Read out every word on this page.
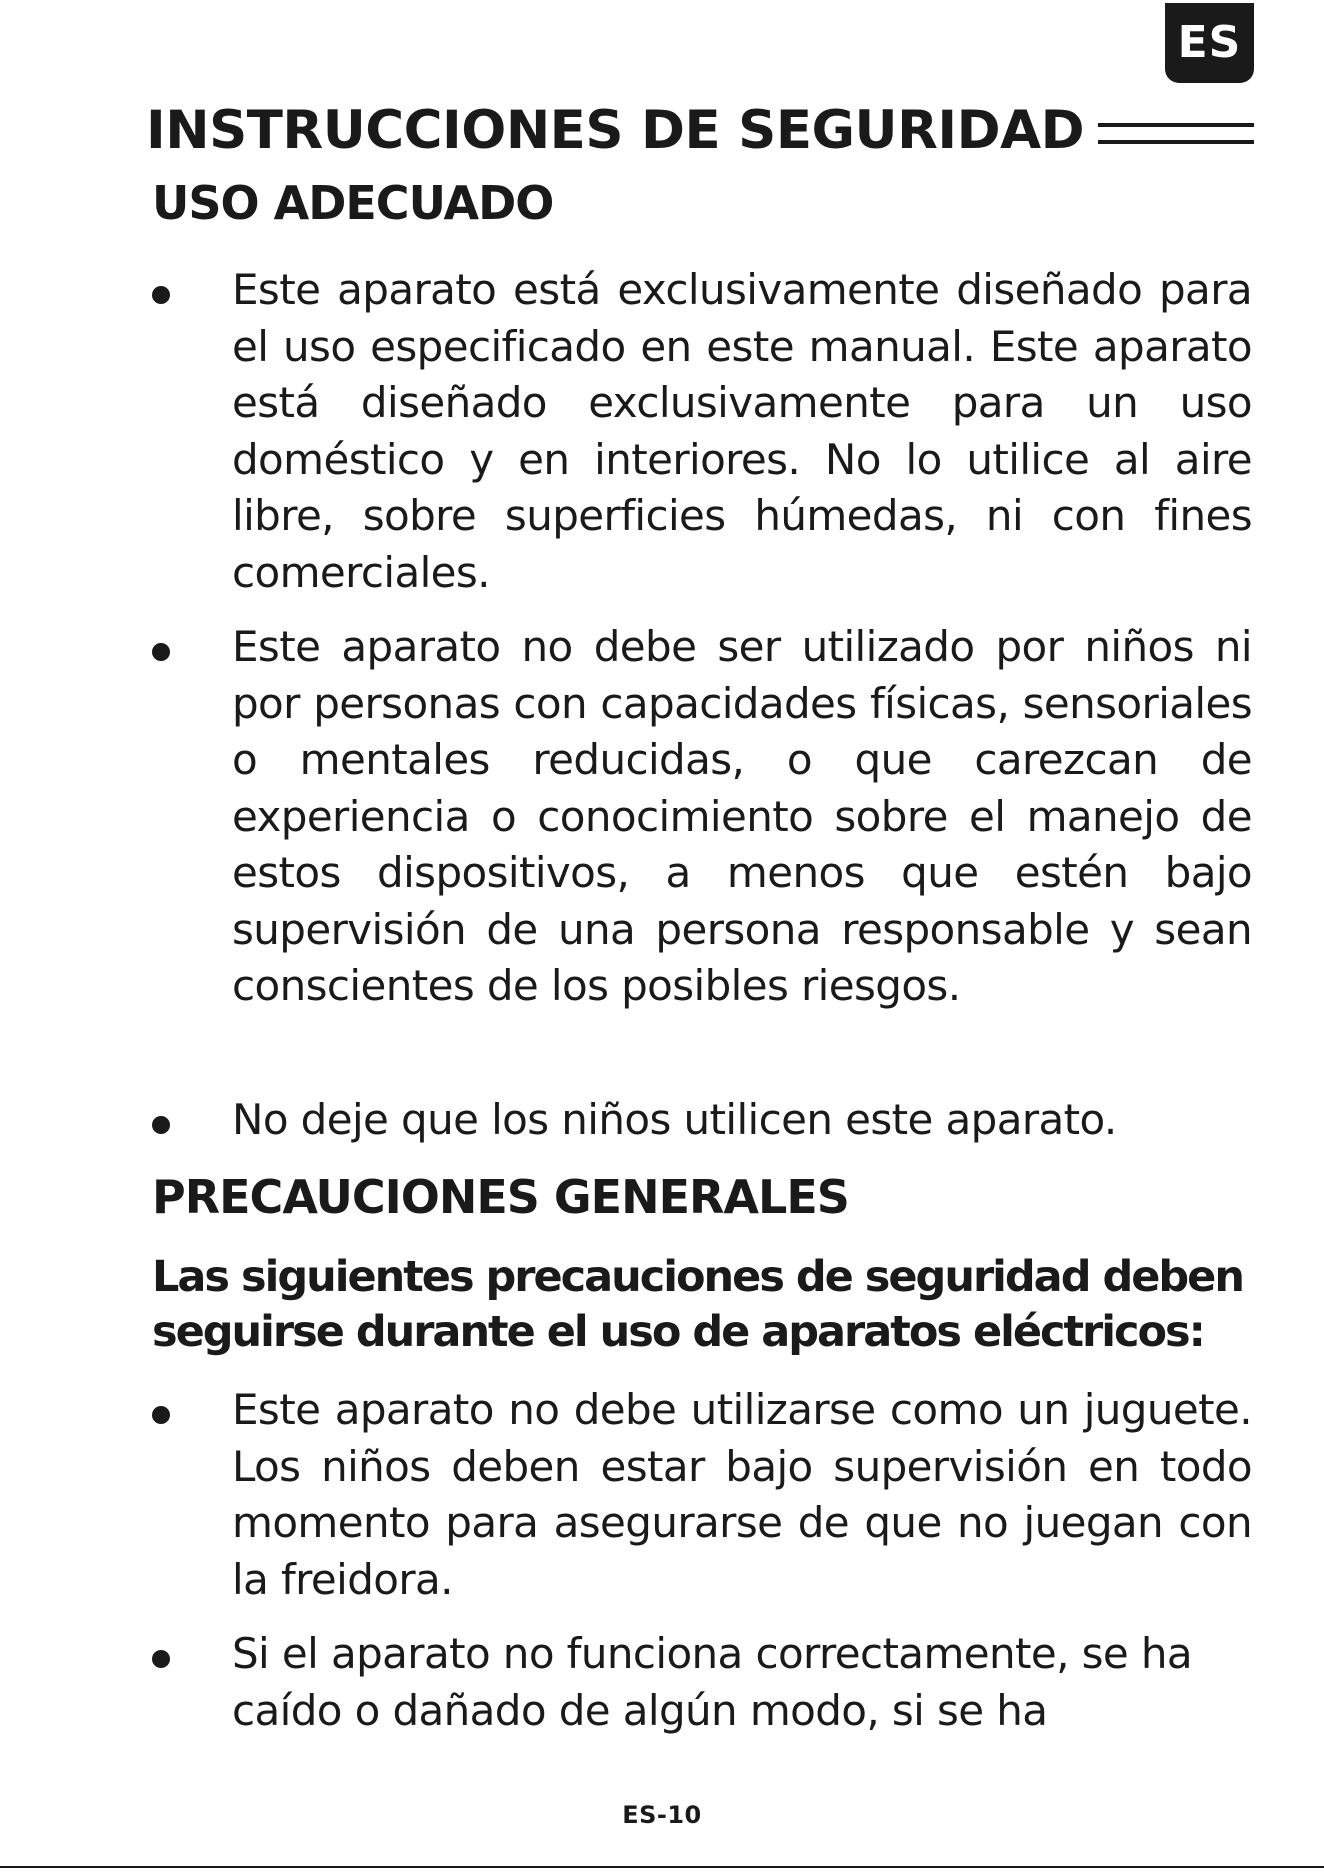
ES
INSTRUCCIONES DE SEGURIDAD
USO ADECUADO
Este aparato está exclusivamente diseñado para el uso especificado en este manual. Este aparato está diseñado exclusivamente para un uso doméstico y en interiores. No lo utilice al aire libre, sobre superficies húmedas, ni con fines comerciales.
Este aparato no debe ser utilizado por niños ni por personas con capacidades físicas, sensoriales o mentales reducidas, o que carezcan de experiencia o conocimiento sobre el manejo de estos dispositivos, a menos que estén bajo supervisión de una persona responsable y sean conscientes de los posibles riesgos.
No deje que los niños utilicen este aparato.
PRECAUCIONES GENERALES
Las siguientes precauciones de seguridad deben seguirse durante el uso de aparatos eléctricos:
Este aparato no debe utilizarse como un juguete. Los niños deben estar bajo supervisión en todo momento para asegurarse de que no juegan con la freidora.
Si el aparato no funciona correctamente, se ha caído o dañado de algún modo, si se ha
ES-10
